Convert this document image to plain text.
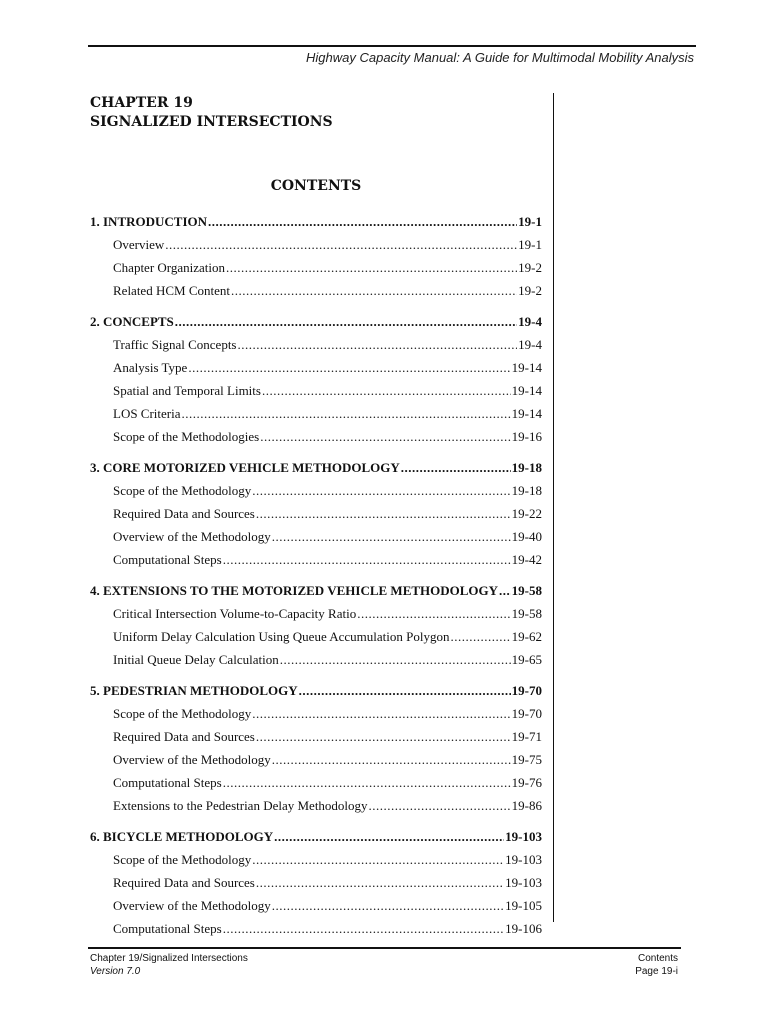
Highway Capacity Manual: A Guide for Multimodal Mobility Analysis
CHAPTER 19
SIGNALIZED INTERSECTIONS
CONTENTS
1. INTRODUCTION .....	19-1
Overview .....	19-1
Chapter Organization .....	19-2
Related HCM Content .....	19-2
2. CONCEPTS .....	19-4
Traffic Signal Concepts .....	19-4
Analysis Type .....	19-14
Spatial and Temporal Limits .....	19-14
LOS Criteria .....	19-14
Scope of the Methodologies .....	19-16
3. CORE MOTORIZED VEHICLE METHODOLOGY .....	19-18
Scope of the Methodology .....	19-18
Required Data and Sources .....	19-22
Overview of the Methodology .....	19-40
Computational Steps .....	19-42
4. EXTENSIONS TO THE MOTORIZED VEHICLE METHODOLOGY ..... 19-58
Critical Intersection Volume-to-Capacity Ratio .....	19-58
Uniform Delay Calculation Using Queue Accumulation Polygon .....	19-62
Initial Queue Delay Calculation .....	19-65
5. PEDESTRIAN METHODOLOGY .....	19-70
Scope of the Methodology .....	19-70
Required Data and Sources .....	19-71
Overview of the Methodology .....	19-75
Computational Steps .....	19-76
Extensions to the Pedestrian Delay Methodology .....	19-86
6. BICYCLE METHODOLOGY .....	19-103
Scope of the Methodology .....	19-103
Required Data and Sources .....	19-103
Overview of the Methodology .....	19-105
Computational Steps .....	19-106
Chapter 19/Signalized Intersections
Version 7.0
Contents
Page 19-i
